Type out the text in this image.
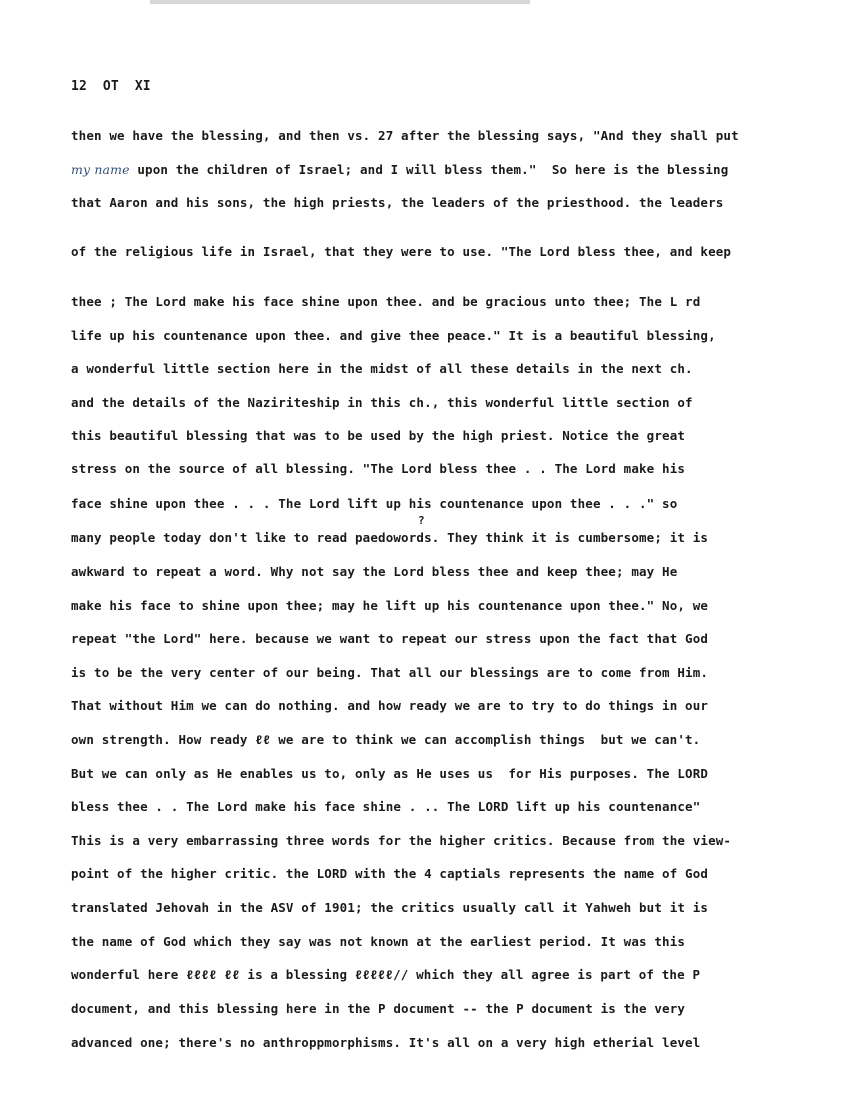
12  OT  XI
then we have the blessing, and then vs. 27 after the blessing says, "And they shall put
my name upon the children of Israel; and I will bless them."  So here is the blessing
that Aaron and his sons, the high priests, the leaders of the priesthood. the leaders
of the religious life in Israel, that they were to use. "The Lord bless thee, and keep
thee ; The Lord make his face shine upon thee. and be gracious unto thee; The L rd
life up his countenance upon thee. and give thee peace." It is a beautiful blessing,
a wonderful little section here in the midst of all these details in the next ch.
and the details of the Naziriteship in this ch., this wonderful little section of
this beautiful blessing that was to be used by the high priest. Notice the great
stress on the source of all blessing. "The Lord bless thee . . The Lord make his
face shine upon thee . . . The Lord lift up his countenance upon thee . . ." so
?
many people today don't like to read paedowords. They think it is cumbersome; it is
awkward to repeat a word. Why not say the Lord bless thee and keep thee; may He
make his face to shine upon thee; may he lift up his countenance upon thee." No, we
repeat "the Lord" here. because we want to repeat our stress upon the fact that God
is to be the very center of our being. That all our blessings are to come from Him.
That without Him we can do nothing. and how ready we are to try to do things in our
own strength. How ready ℓℓ we are to think we can accomplish things  but we can't.
But we can only as He enables us to, only as He uses us  for His purposes. The LORD
bless thee . . The Lord make his face shine . .. The LORD lift up his countenance"
This is a very embarrassing three words for the higher critics. Because from the view-
point of the higher critic. the LORD with the 4 captials represents the name of God
translated Jehovah in the ASV of 1901; the critics usually call it Yahweh but it is
the name of God which they say was not known at the earliest period. It was this
wonderful here ℓℓℓℓ ℓℓ is a blessing ℓℓℓℓℓ// which they all agree is part of the P
document, and this blessing here in the P document -- the P document is the very
advanced one; there's no anthroppmorphisms. It's all on a very high etherial level
